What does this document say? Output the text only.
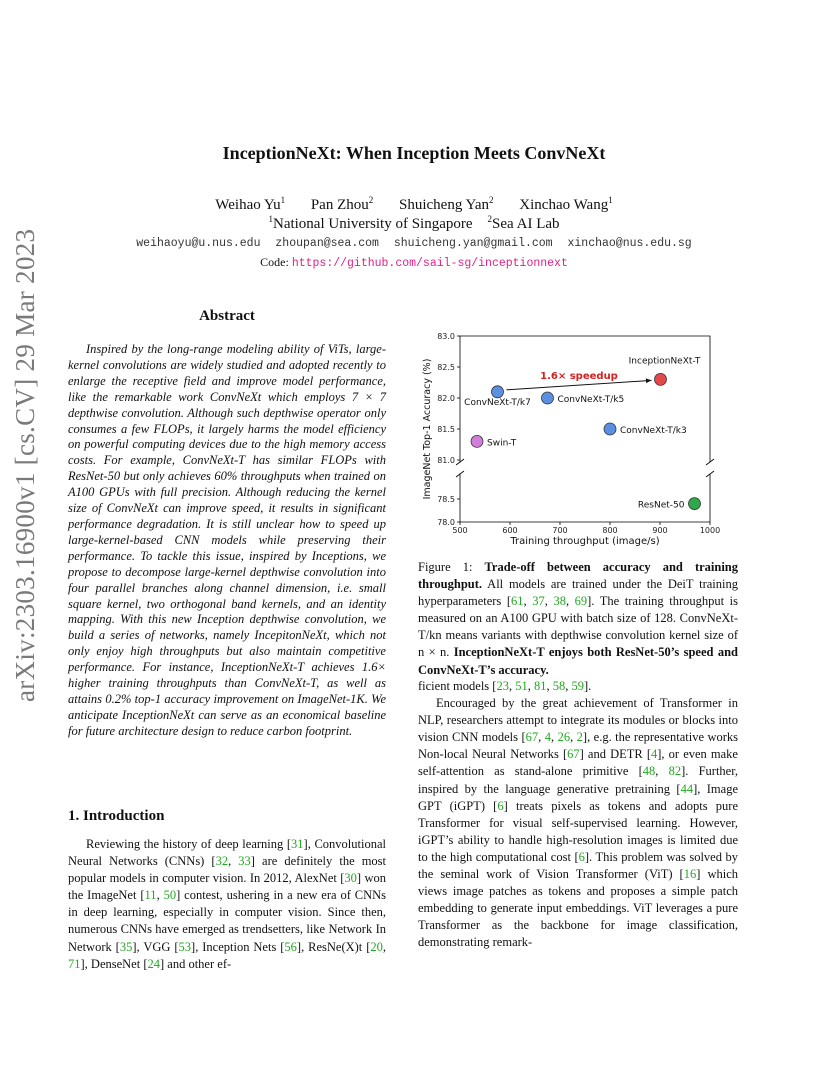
InceptionNeXt: When Inception Meets ConvNeXt
Weihao Yu$^1$ Pan Zhou$^2$ Shuicheng Yan$^2$ Xinchao Wang$^1$
$^1$National University of Singapore $^2$Sea AI Lab
weihaoyu@u.nus.edu zhoupan@sea.com shuicheng.yan@gmail.com xinchao@nus.edu.sg
Code: https://github.com/sail-sg/inceptionnext
arXiv:2303.16900v1 [cs.CV] 29 Mar 2023	Abstract

Inspired by the long-range modeling ability of ViTs, large-kernel convolutions are widely studied and adopted recently to enlarge the receptive field and improve model performance, like the remarkable work ConvNeXt which employs 7 × 7 depthwise convolution. Although such depthwise operator only consumes a few FLOPs, it largely harms the model efficiency on powerful computing devices due to the high memory access costs. For example, ConvNeXt-T has similar FLOPs with ResNet-50 but only achieves 60% throughputs when trained on A100 GPUs with full precision. Although reducing the kernel size of ConvNeXt can improve speed, it results in significant performance degradation. It is still unclear how to speed up large-kernel-based CNN models while preserving their performance. To tackle this issue, inspired by Inceptions, we propose to decompose large-kernel depthwise convolution into four parallel branches along channel dimension, i.e. small square kernel, two orthogonal band kernels, and an identity mapping. With this new Inception depthwise convolution, we build a series of networks, namely IncepitonNeXt, which not only enjoy high throughputs but also maintain competitive performance. For instance, InceptionNeXt-T achieves 1.6× higher training throughputs than ConvNeXt-T, as well as attains 0.2% top-1 accuracy improvement on ImageNet-1K. We anticipate InceptionNeXt can serve as an economical baseline for future architecture design to reduce carbon footprint.

1. Introduction

Reviewing the history of deep learning [31], Convolutional Neural Networks (CNNs) [32, 33] are definitely the most popular models in computer vision. In 2012, AlexNet [30] won the ImageNet [11, 50] contest, ushering in a new era of CNNs in deep learning, especially in computer vision. Since then, numerous CNNs have emerged as trendsetters, like Network In Network [35], VGG [53], Inception Nets [56], ResNe(X)t [20, 71], DenseNet [24] and other ef-

81.0
81.5
82.0
82.5
83.0
78.0
78.5
500	600	700	800	900	1000
Training throughput (image/s)
ImageNet Top-1 Accuracy (%)	1.6× speedup
InceptionNeXt-T
ConvNeXt-T/k7	ConvNeXt-T/k5
ConvNeXt-T/k3
Swin-T
ResNet-50
Figure 1: Trade-off between accuracy and training throughput. All models are trained under the DeiT training hyperparameters [61, 37, 38, 69]. The training throughput is measured on an A100 GPU with batch size of 128. ConvNeXt-T/kn means variants with depthwise convolution kernel size of n × n. InceptionNeXt-T enjoys both ResNet-50’s speed and ConvNeXt-T’s accuracy.

ficient models [23, 51, 81, 58, 59].

Encouraged by the great achievement of Transformer in NLP, researchers attempt to integrate its modules or blocks into vision CNN models [67, 4, 26, 2], e.g. the representative works Non-local Neural Networks [67] and DETR [4], or even make self-attention as stand-alone primitive [48, 82]. Further, inspired by the language generative pretraining [44], Image GPT (iGPT) [6] treats pixels as tokens and adopts pure Transformer for visual self-supervised learning. However, iGPT’s ability to handle high-resolution images is limited due to the high computational cost [6]. This problem was solved by the seminal work of Vision Transformer (ViT) [16] which views image patches as tokens and proposes a simple patch embedding to generate input embeddings. ViT leverages a pure Transformer as the backbone for image classification, demonstrating remark-
